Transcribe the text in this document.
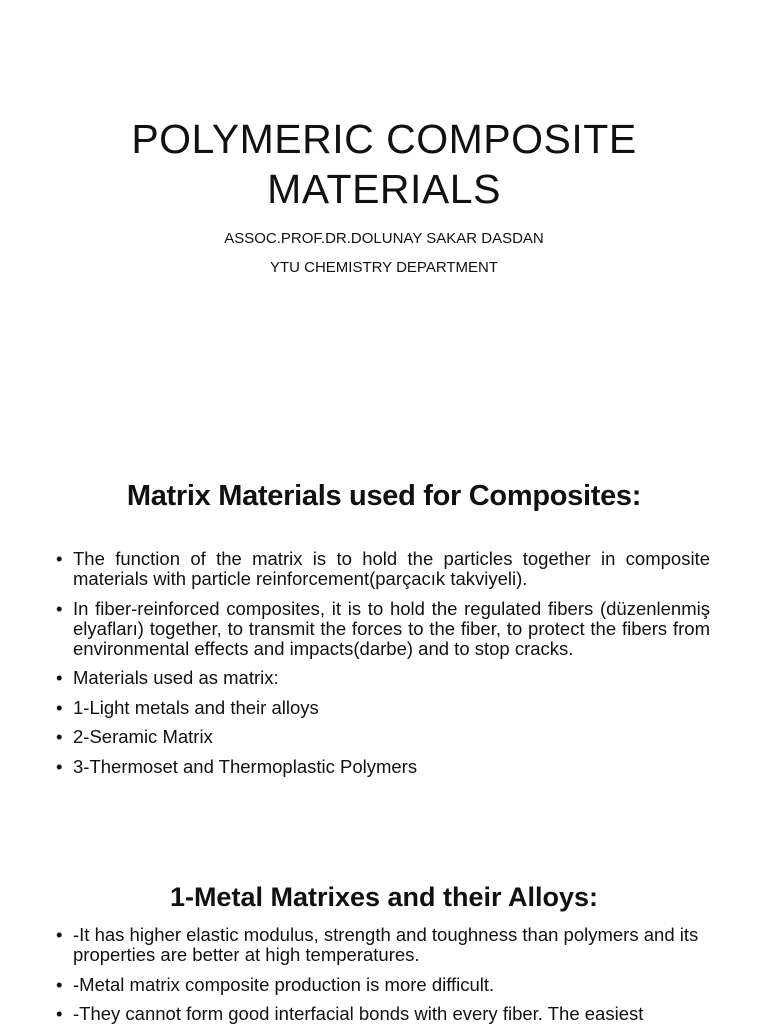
POLYMERIC COMPOSITE
MATERIALS
ASSOC.PROF.DR.DOLUNAY SAKAR DASDAN
YTU CHEMISTRY DEPARTMENT
Matrix Materials used for Composites:
• The function of the matrix is to hold the particles together in composite materials with particle reinforcement(parçacık takviyeli).
• In fiber-reinforced composites, it is to hold the regulated fibers (düzenlenmiş elyafları) together, to transmit the forces to the fiber, to protect the fibers from environmental effects and impacts(darbe) and to stop cracks.
• Materials used as matrix:
• 1-Light metals and their alloys
• 2-Seramic Matrix
• 3-Thermoset and Thermoplastic Polymers
1-Metal Matrixes and their Alloys:
• -It has higher elastic modulus, strength and toughness than polymers and its properties are better at high temperatures.
• -Metal matrix composite production is more difficult.
• -They cannot form good interfacial bonds with every fiber. The easiest
